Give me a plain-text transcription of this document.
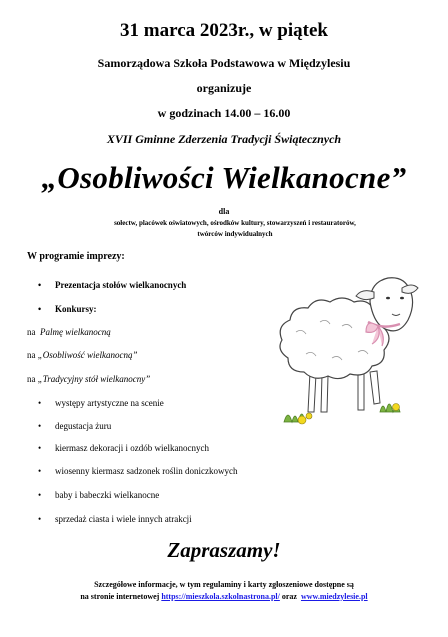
31 marca 2023r., w piątek
Samorządowa Szkoła Podstawowa w Międzylesiu
organizuje
w godzinach 14.00 – 16.00
XVII Gminne Zderzenia Tradycji Świątecznych
„Osobliwości Wielkanocne”
dla
sołectw, placówek oświatowych, ośrodków kultury, stowarzyszeń i restauratorów,
twórców indywidualnych
W programie imprezy:
• Prezentacja stołów wielkanocnych
• Konkursy:
na Palmę wielkanocną
na „Osobliwość wielkanocną”
na „Tradycyjny stół wielkanocny”
• występy artystyczne na scenie
• degustacja żuru
• kiermasz dekoracji i ozdób wielkanocnych
• wiosenny kiermasz sadzonek roślin doniczkowych
• baby i babeczki wielkanocne
• sprzedaż ciasta i wiele innych atrakcji
Zapraszamy!
Szczegółowe informacje, w tym regulaminy i karty zgłoszeniowe dostępne są
na stronie internetowej https://mieszkola.szkolnastrona.pl/ oraz www.miedzylesie.pl
